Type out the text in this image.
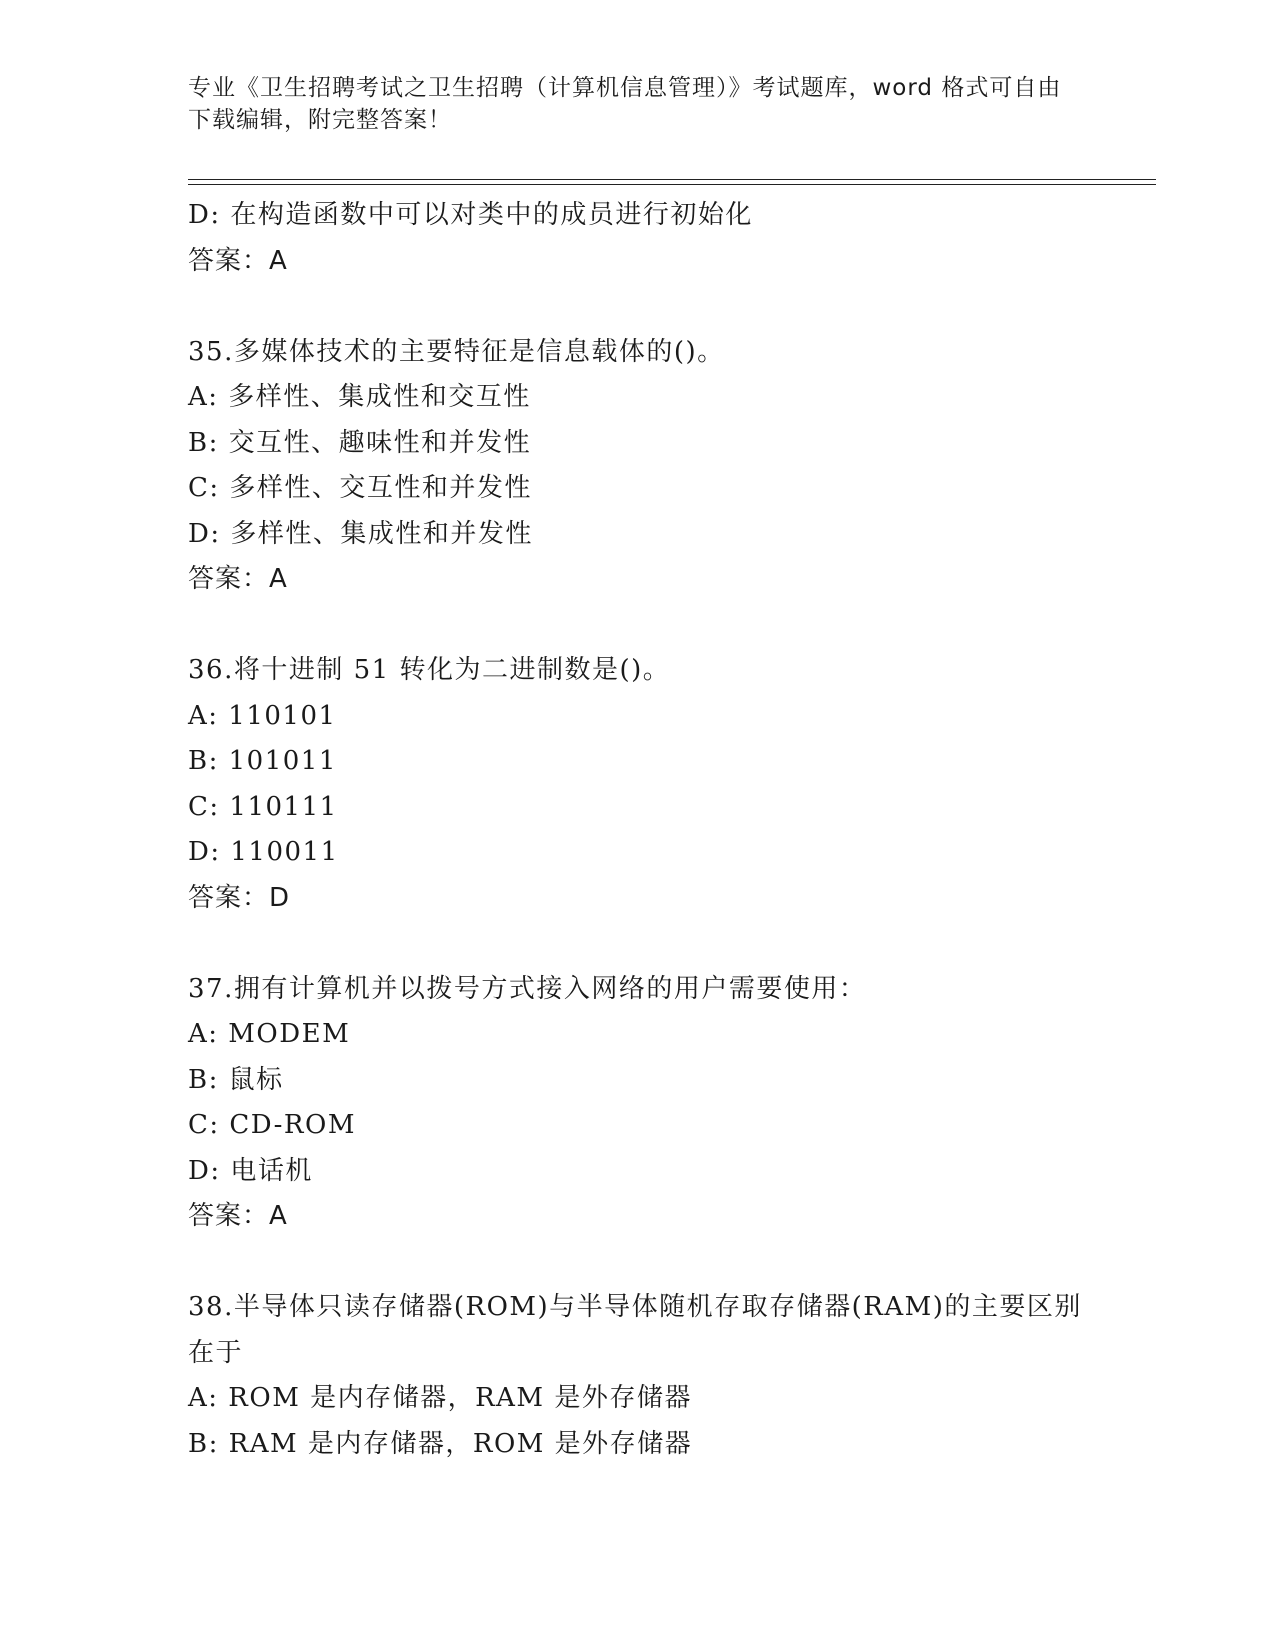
专业《卫生招聘考试之卫生招聘（计算机信息管理）》考试题库，word 格式可自由下载编辑，附完整答案！
D: 在构造函数中可以对类中的成员进行初始化
答案：A
35.多媒体技术的主要特征是信息载体的()。
A: 多样性、集成性和交互性
B: 交互性、趣味性和并发性
C: 多样性、交互性和并发性
D: 多样性、集成性和并发性
答案：A
36.将十进制 51 转化为二进制数是()。
A: 110101
B: 101011
C: 110111
D: 110011
答案：D
37.拥有计算机并以拨号方式接入网络的用户需要使用：
A: MODEM
B: 鼠标
C: CD-ROM
D: 电话机
答案：A
38.半导体只读存储器(ROM)与半导体随机存取存储器(RAM)的主要区别在于
A: ROM 是内存储器，RAM 是外存储器
B: RAM 是内存储器，ROM 是外存储器
